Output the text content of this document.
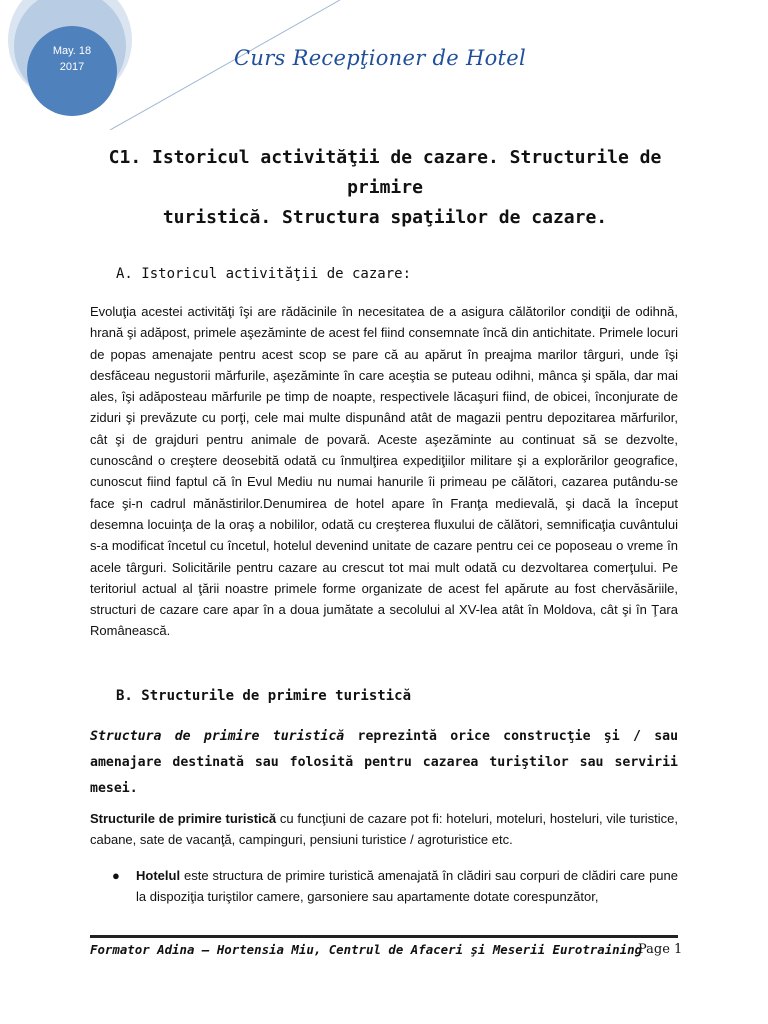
May. 18
2017	Curs Recepţioner de Hotel
C1. Istoricul activităţii de cazare. Structurile de primire
turistică. Structura spaţiilor de cazare.
A. Istoricul activităţii de cazare:
Evoluţia acestei activităţi îşi are rădăcinile în necesitatea de a asigura călătorilor condiţii de odihnă, hrană şi adăpost, primele aşezăminte de acest fel fiind consemnate încă din antichitate. Primele locuri de popas amenajate pentru acest scop se pare că au apărut în preajma marilor târguri, unde îşi desfăceau negustorii mărfurile, aşezăminte în care aceştia se puteau odihni, mânca şi spăla, dar mai ales, îşi adăposteau mărfurile pe timp de noapte, respectivele lăcaşuri fiind, de obicei, înconjurate de ziduri şi prevăzute cu porţi, cele mai multe dispunând atât de magazii pentru depozitarea mărfurilor, cât şi de grajduri pentru animale de povară. Aceste aşezăminte au continuat să se dezvolte, cunoscând o creştere deosebită odată cu înmulţirea expediţiilor militare şi a explorărilor geografice, cunoscut fiind faptul că în Evul Mediu nu numai hanurile îi primeau pe călători, cazarea putându-se face şi-n cadrul mănăstirilor.Denumirea de hotel apare în Franţa medievală, şi dacă la început desemna locuinţa de la oraş a nobililor, odată cu creşterea fluxului de călători, semnificaţia cuvântului s-a modificat încetul cu încetul, hotelul devenind unitate de cazare pentru cei ce poposeau o vreme în acele târguri. Solicitările pentru cazare au crescut tot mai mult odată cu dezvoltarea comerţului. Pe teritoriul actual al ţării noastre primele forme organizate de acest fel apărute au fost chervăsăriile, structuri de cazare care apar în a doua jumătate a secolului al XV-lea atât în Moldova, cât şi în Ţara Românească.
B. Structurile de primire turistică
Structura de primire turistică reprezintă orice construcţie şi / sau amenajare destinată sau folosită pentru cazarea turiştilor sau servirii mesei.
Structurile de primire turistică cu funcţiuni de cazare pot fi: hoteluri, moteluri, hosteluri, vile turistice, cabane, sate de vacanţă, campinguri, pensiuni turistice / agroturistice etc.
● Hotelul este structura de primire turistică amenajată în clădiri sau corpuri de clădiri care pune la dispoziţia turiştilor camere, garsoniere sau apartamente dotate corespunzător,
Formator Adina – Hortensia Miu, Centrul de Afaceri şi Meserii Eurotraining
Page 1
